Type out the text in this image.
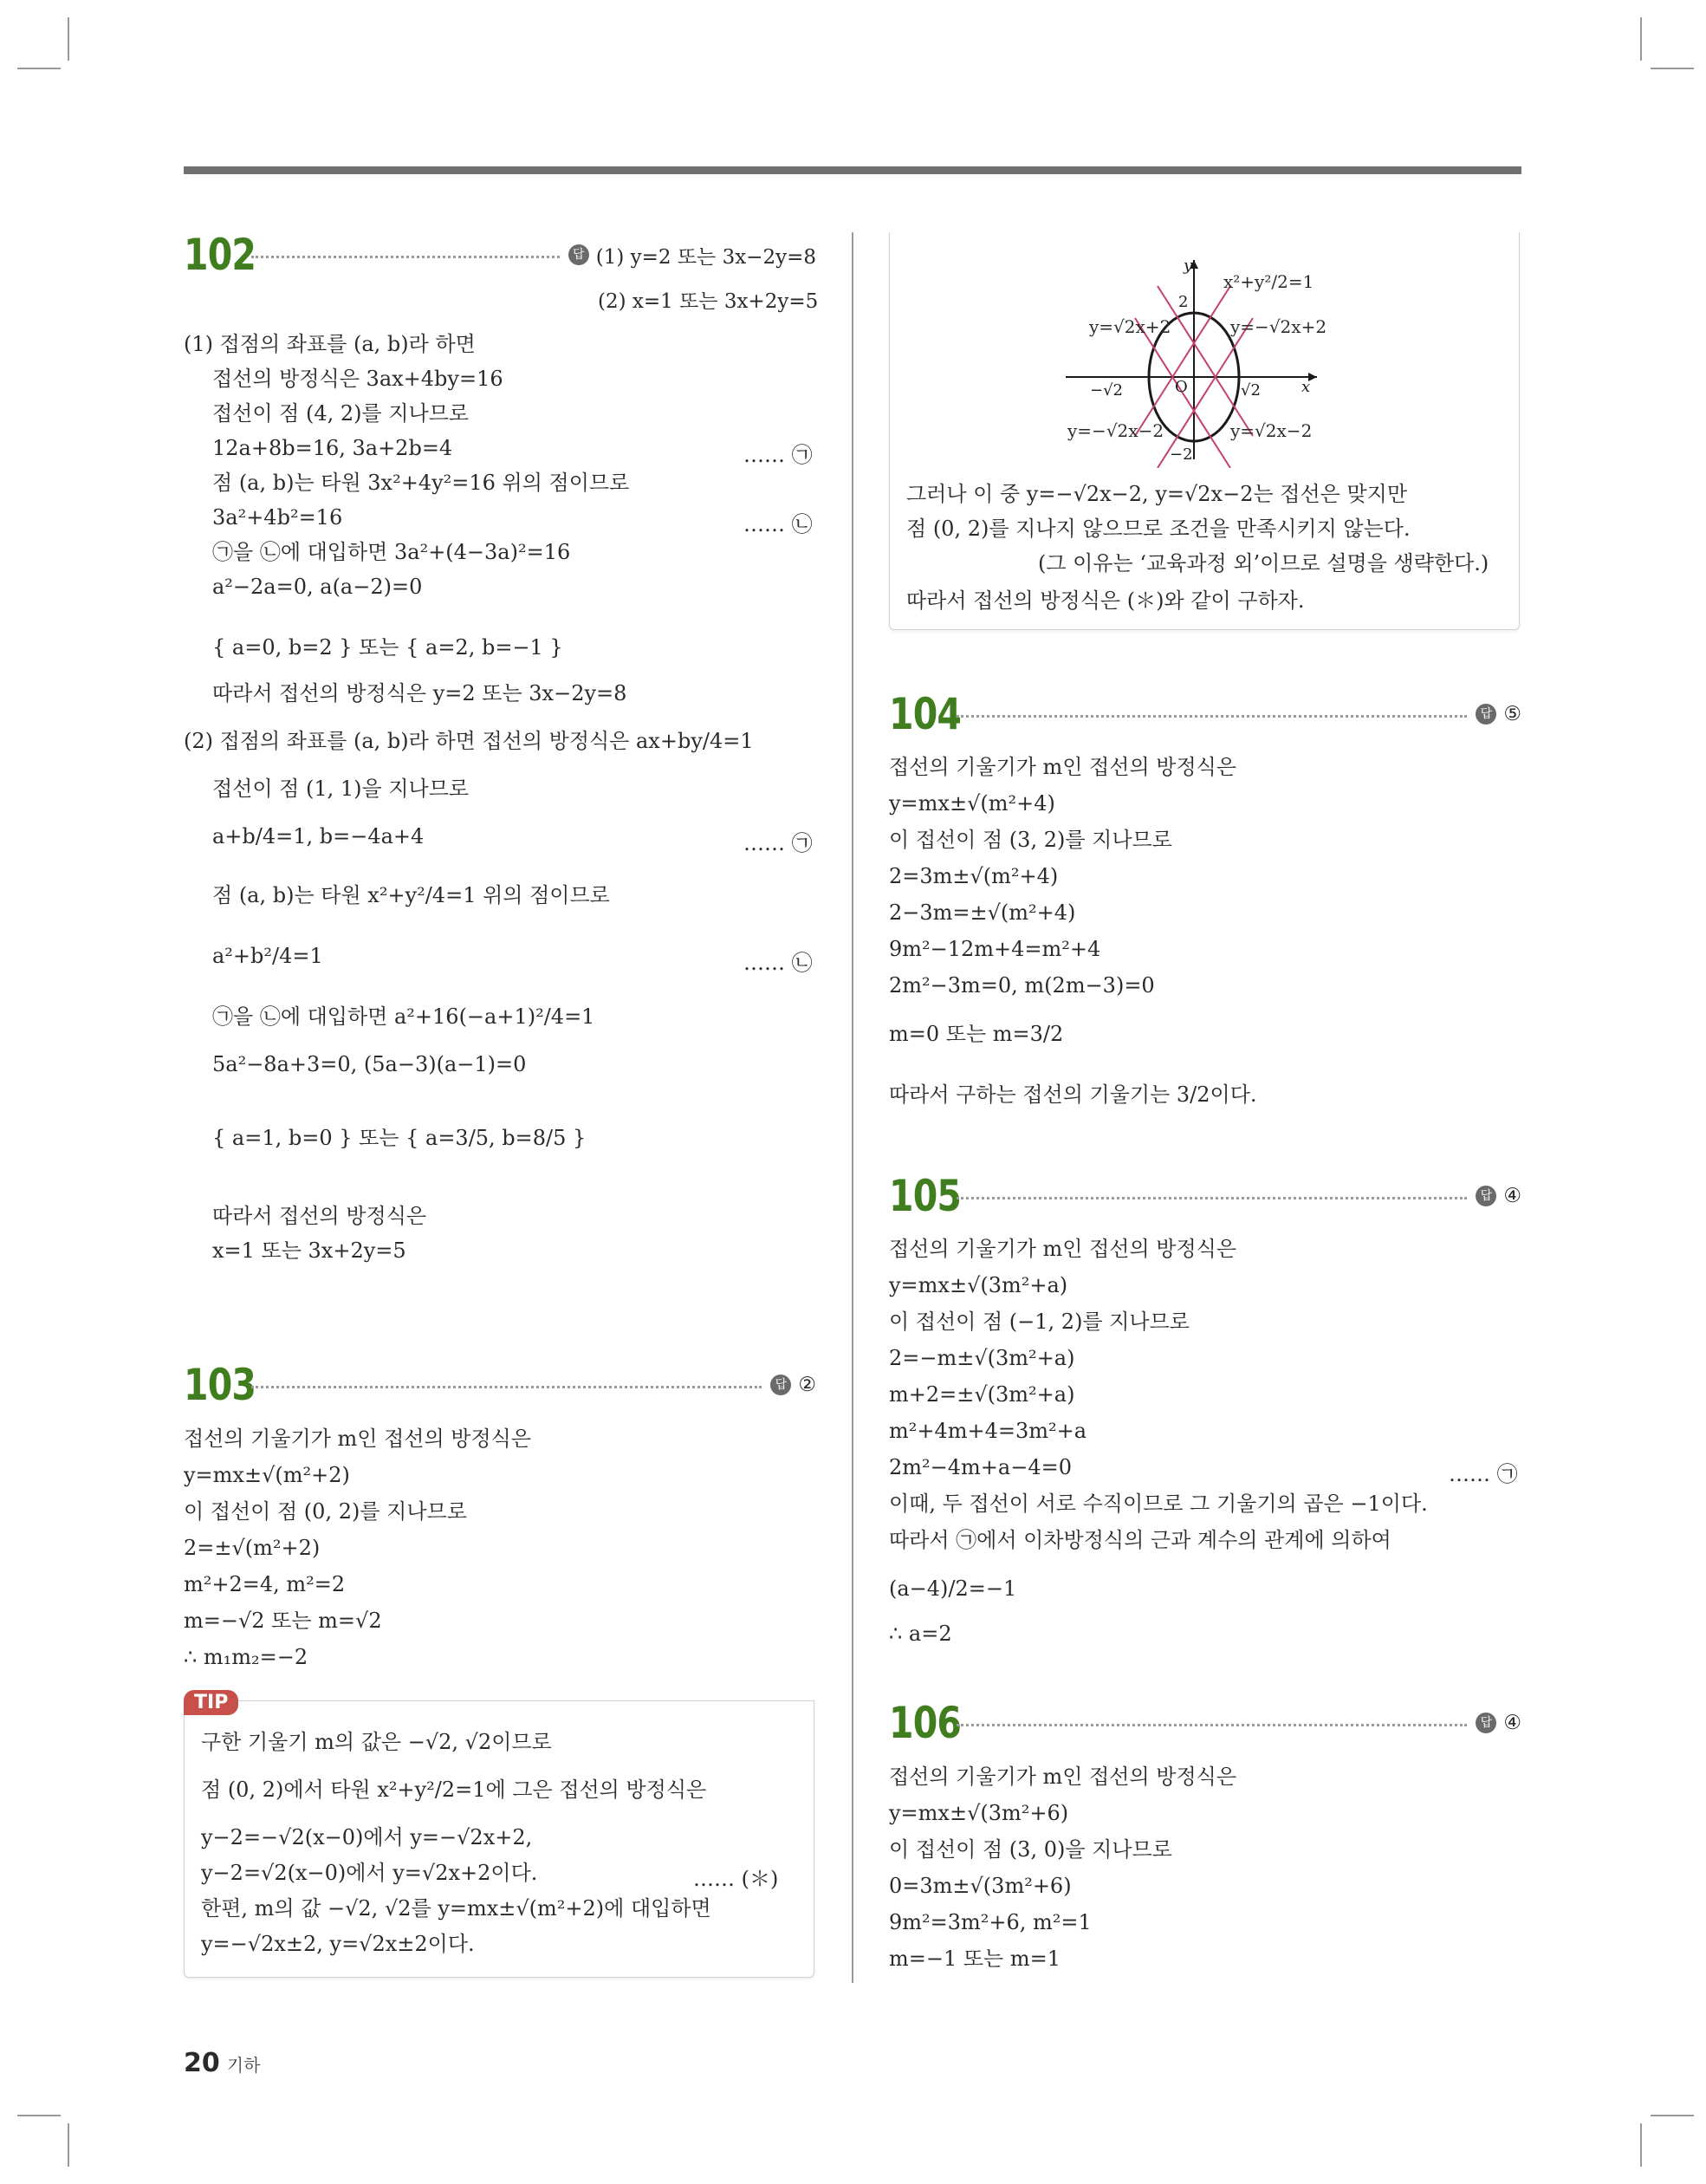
102	답 (1) y=2 또는 3x−2y=8
(2) x=1 또는 3x+2y=5
(1) 접점의 좌표를 (a, b)라 하면
접선의 방정식은 3ax+4by=16
접선이 점 (4, 2)를 지나므로
12a+8b=16, 3a+2b=4	…… ㉠
점 (a, b)는 타원 3x²+4y²=16 위의 점이므로
3a²+4b²=16	…… ㉡
㉠을 ㉡에 대입하면 3a²+(4−3a)²=16
a²−2a=0, a(a−2)=0
{ a=0, b=2 } 또는 { a=2, b=−1 }
따라서 접선의 방정식은 y=2 또는 3x−2y=8
(2) 접점의 좌표를 (a, b)라 하면 접선의 방정식은 ax+by/4=1
접선이 점 (1, 1)을 지나므로
a+b/4=1, b=−4a+4	…… ㉠
점 (a, b)는 타원 x²+y²/4=1 위의 점이므로
a²+b²/4=1	…… ㉡
㉠을 ㉡에 대입하면 a²+16(−a+1)²/4=1
5a²−8a+3=0, (5a−3)(a−1)=0
{ a=1, b=0 } 또는 { a=3/5, b=8/5 }
따라서 접선의 방정식은
x=1 또는 3x+2y=5
103	답 ②
접선의 기울기가 m인 접선의 방정식은
y=mx±√(m²+2)
이 접선이 점 (0, 2)를 지나므로
2=±√(m²+2)
m²+2=4, m²=2
m=−√2 또는 m=√2
∴ m₁m₂=−2
TIP
구한 기울기 m의 값은 −√2, √2이므로
점 (0, 2)에서 타원 x²+y²/2=1에 그은 접선의 방정식은
y−2=−√2(x−0)에서 y=−√2x+2,
y−2=√2(x−0)에서 y=√2x+2이다.	…… (＊)
한편, m의 값 −√2, √2를 y=mx±√(m²+2)에 대입하면
y=−√2x±2, y=√2x±2이다.
y
x
O
2
−2
−√2	√2
x²+y²/2=1
y=√2x+2	y=−√2x+2
y=−√2x−2	y=√2x−2
그러나 이 중 y=−√2x−2, y=√2x−2는 접선은 맞지만
점 (0, 2)를 지나지 않으므로 조건을 만족시키지 않는다.
(그 이유는 ‘교육과정 외’이므로 설명을 생략한다.)
따라서 접선의 방정식은 (＊)와 같이 구하자.
104	답 ⑤
접선의 기울기가 m인 접선의 방정식은
y=mx±√(m²+4)
이 접선이 점 (3, 2)를 지나므로
2=3m±√(m²+4)
2−3m=±√(m²+4)
9m²−12m+4=m²+4
2m²−3m=0, m(2m−3)=0
m=0 또는 m=3/2
따라서 구하는 접선의 기울기는 3/2이다.
105	답 ④
접선의 기울기가 m인 접선의 방정식은
y=mx±√(3m²+a)
이 접선이 점 (−1, 2)를 지나므로
2=−m±√(3m²+a)
m+2=±√(3m²+a)
m²+4m+4=3m²+a
2m²−4m+a−4=0	…… ㉠
이때, 두 접선이 서로 수직이므로 그 기울기의 곱은 −1이다.
따라서 ㉠에서 이차방정식의 근과 계수의 관계에 의하여
(a−4)/2=−1
∴ a=2
106	답 ④
접선의 기울기가 m인 접선의 방정식은
y=mx±√(3m²+6)
이 접선이 점 (3, 0)을 지나므로
0=3m±√(3m²+6)
9m²=3m²+6, m²=1
m=−1 또는 m=1
20 기하
